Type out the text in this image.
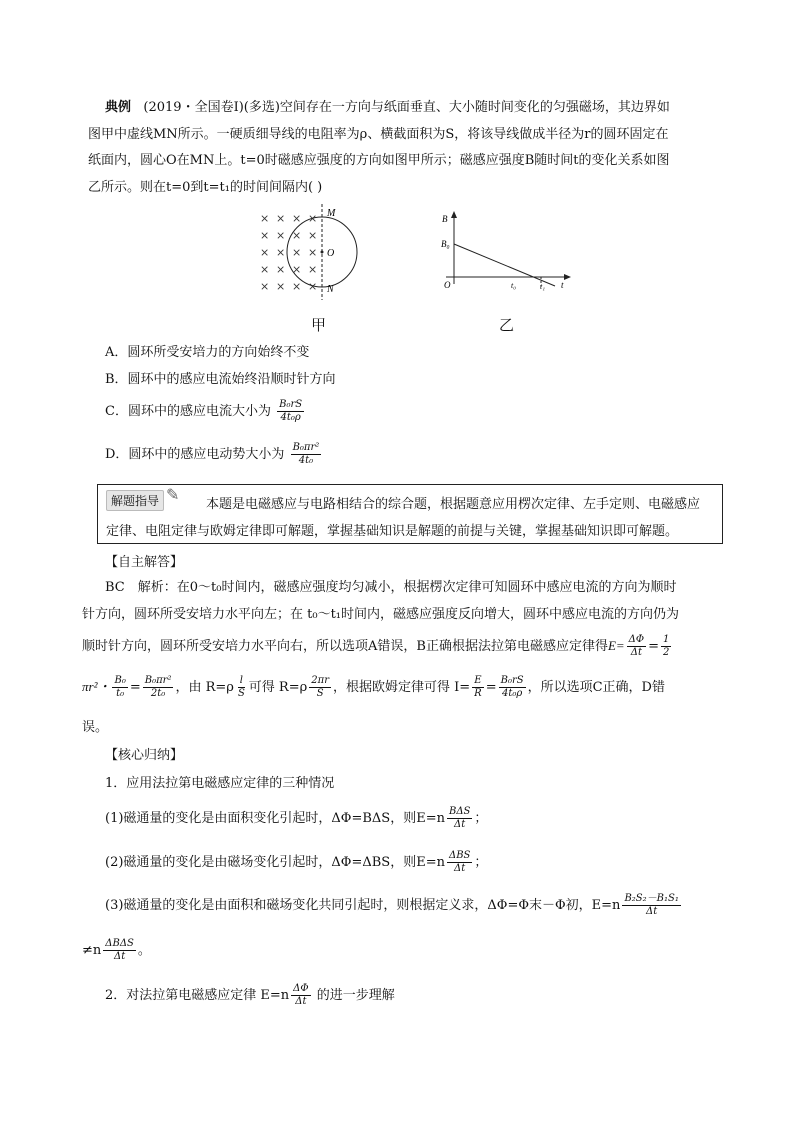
典例 (2019・全国卷Ⅰ)(多选)空间存在一方向与纸面垂直、大小随时间变化的匀强磁场，其边界如
图甲中虚线MN所示。一硬质细导线的电阻率为ρ、横截面积为S，将该导线做成半径为r的圆环固定在
纸面内，圆心O在MN上。t=0时磁感应强度的方向如图甲所示；磁感应强度B随时间t的变化关系如图
乙所示。则在t=0到t=t₁的时间间隔内( )
× × × ×
× × × ×
× × × ×
× × × ×
× × × ×
M
O
N
甲
B
B₀
O	t₀	t₁ t
乙
A．圆环所受安培力的方向始终不变
B．圆环中的感应电流始终沿顺时针方向
C．圆环中的感应电流大小为 $\frac{\text{B₀rS}}{\text{4t₀ρ}}$
D．圆环中的感应电动势大小为 $\frac{\text{B₀πr²}}{\text{4t₀}}$
解题指导 ✎
本题是电磁感应与电路相结合的综合题，根据题意应用楞次定律、左手定则、电磁感应
定律、电阻定律与欧姆定律即可解题，掌握基础知识是解题的前提与关键，掌握基础知识即可解题。
【自主解答】
BC　解析：在0～t₀时间内，磁感应强度均匀减小，根据楞次定律可知圆环中感应电流的方向为顺时
针方向，圆环所受安培力水平向左；在 t₀～t₁时间内，磁感应强度反向增大，圆环中感应电流的方向仍为
顺时针方向，圆环所受安培力水平向右，所以选项A错误，B正确根据法拉第电磁感应定律得$E= \frac{\Delta\Phi}{\Delta t} = \frac{1}{2}$
πr²・ $\frac{\text{B₀}}{\text{t₀}} = \frac{\text{B₀πr²}}{\text{2t₀}}$ ，由 $R=\rho \frac{l}{S}$ 可得 $R=\rho \frac{2\pi r}{S}$ ，根据欧姆定律可得 $I= \frac{E}{R} = \frac{\text{B₀rS}}{\text{4t₀ρ}}$ ，所以选项C正确，D错
误。
【核心归纳】
1．应用法拉第电磁感应定律的三种情况
(1)磁通量的变化是由面积变化引起时，ΔΦ=BΔS，则$E=n \frac{\text{BΔS}}{\Delta t}$ ；
(2)磁通量的变化是由磁场变化引起时，ΔΦ=ΔBS，则$E=n \frac{\text{ΔBS}}{\Delta t}$ ；
(3)磁通量的变化是由面积和磁场变化共同引起时，则根据定义求，ΔΦ=Φ末－Φ初，$E=n \frac{\text{B₂S₂－B₁S₁}}{\Delta t}$
$\ne n \frac{\text{ΔBΔS}}{\Delta t}$ 。
2．对法拉第电磁感应定律 $E=n \frac{\Delta\Phi}{\Delta t}$ 的进一步理解
